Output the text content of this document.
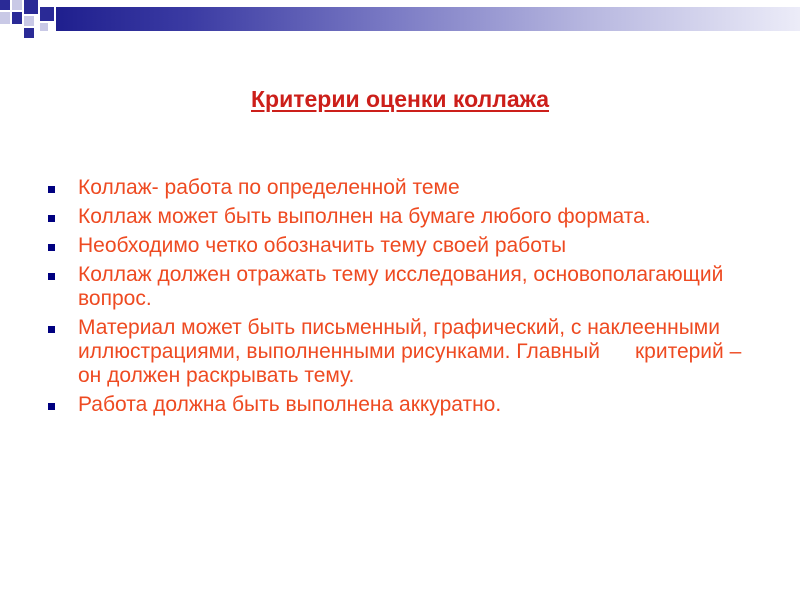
Критерии оценки коллажа
Коллаж- работа по определенной теме
Коллаж может быть выполнен на бумаге любого формата.
Необходимо четко обозначить тему своей работы
Коллаж должен отражать тему исследования, основополагающий вопрос.
Материал может быть письменный, графический, с наклеенными иллюстрациями, выполненными рисунками. Главный      критерий – он должен раскрывать тему.
Работа должна быть выполнена аккуратно.
